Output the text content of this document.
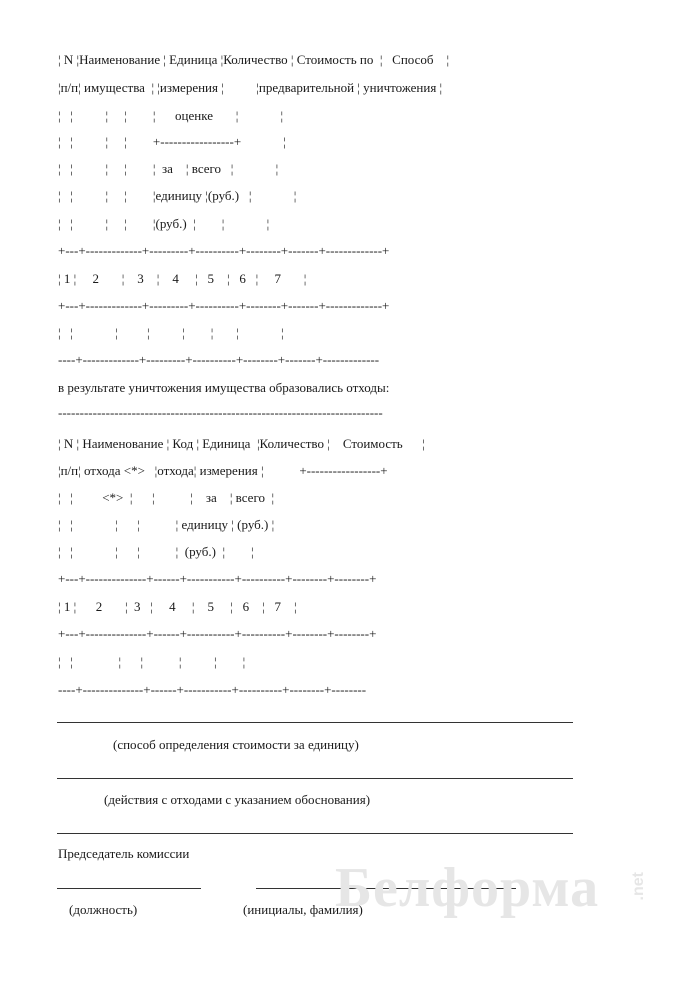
¦ N ¦Наименование ¦ Единица ¦Количество ¦ Стоимость по  ¦   Способ    ¦
¦п/п¦ имущества  ¦ ¦измерения ¦          ¦предварительной ¦ уничтожения ¦
¦   ¦          ¦     ¦        ¦      оценке       ¦             ¦
¦   ¦          ¦     ¦        +-----------------+             ¦
¦   ¦          ¦     ¦        ¦  за    ¦ всего   ¦             ¦
¦   ¦          ¦     ¦        ¦единицу ¦(руб.)   ¦             ¦
¦   ¦          ¦     ¦        ¦(руб.)  ¦        ¦             ¦
+---+-------------+---------+----------+--------+-------+-------------+
¦ 1 ¦     2       ¦    3    ¦    4     ¦   5    ¦   6   ¦     7       ¦
+---+-------------+---------+----------+--------+-------+-------------+
¦   ¦             ¦         ¦          ¦        ¦       ¦             ¦
----+-------------+---------+----------+--------+-------+-------------
в результате уничтожения имущества образовались отходы:
---------------------------------------------------------------------------
¦ N ¦ Наименование ¦ Код ¦ Единица  ¦Количество ¦    Стоимость      ¦
¦п/п¦ отхода <*>   ¦отхода¦ измерения ¦           +-----------------+
¦   ¦         <*>  ¦      ¦           ¦    за    ¦ всего  ¦
¦   ¦             ¦      ¦           ¦ единицу ¦ (руб.) ¦
¦   ¦             ¦      ¦           ¦  (руб.)  ¦        ¦
+---+--------------+------+-----------+----------+--------+--------+
¦ 1 ¦      2       ¦  3   ¦     4     ¦    5     ¦   6    ¦   7    ¦
+---+--------------+------+-----------+----------+--------+--------+
¦   ¦              ¦      ¦           ¦          ¦        ¦
----+--------------+------+-----------+----------+--------+--------
(способ определения стоимости за единицу)
(действия с отходами с указанием обоснования)
Председатель комиссии
(должность)	(инициалы, фамилия)
Белформа .net
